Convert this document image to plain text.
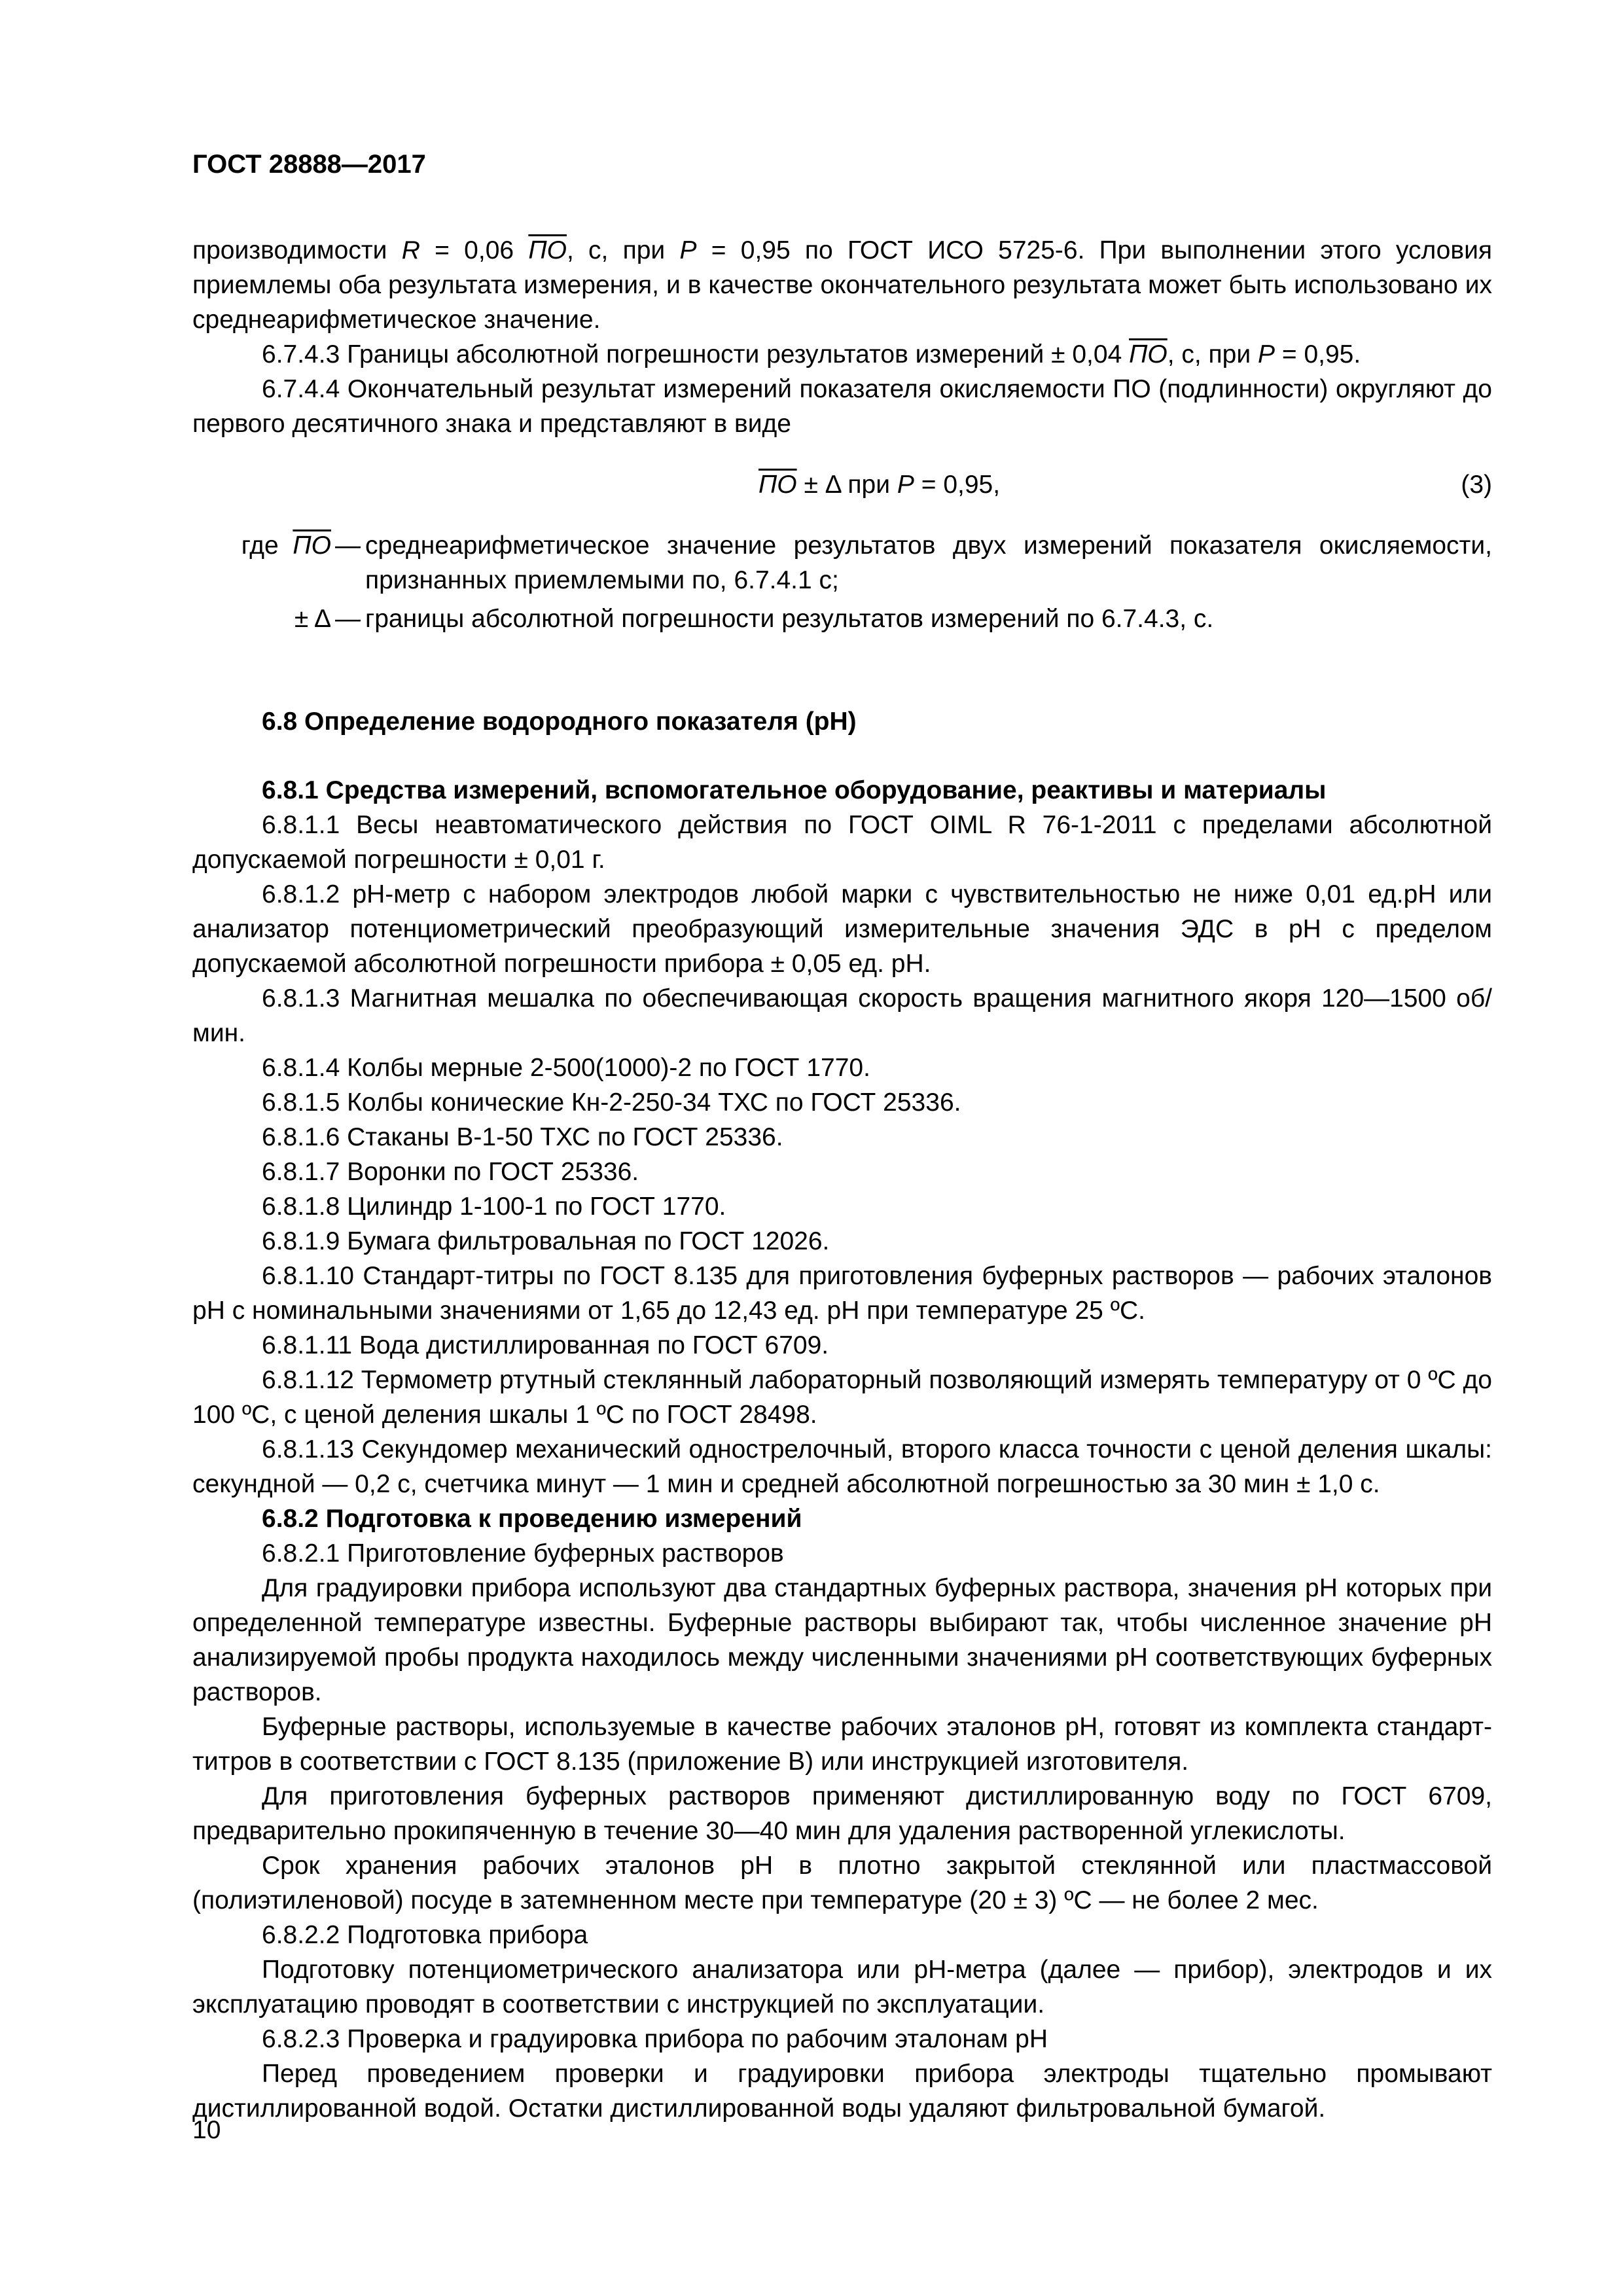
ГОСТ 28888—2017

производимости R = 0,06 ПО, с, при P = 0,95 по ГОСТ ИСО 5725-6. При выполнении этого условия приемлемы оба результата измерения, и в качестве окончательного результата может быть использовано их среднеарифметическое значение.

6.7.4.3 Границы абсолютной погрешности результатов измерений ± 0,04 ПО, с, при P = 0,95.

6.7.4.4 Окончательный результат измерений показателя окисляемости ПО (подлинности) округляют до первого десятичного знака и представляют в виде

ПО ± Δ при P = 0,95,	(3)
где ПО — среднеарифметическое значение результатов двух измерений показателя окисляемости, признанных приемлемыми по, 6.7.4.1 с;
± Δ — границы абсолютной погрешности результатов измерений по 6.7.4.3, с.

6.8 Определение водородного показателя (pH)

6.8.1 Средства измерений, вспомогательное оборудование, реактивы и материалы

6.8.1.1 Весы неавтоматического действия по ГОСТ OIML R 76-1-2011 с пределами абсолютной допускаемой погрешности ± 0,01 г.

6.8.1.2 pH-метр с набором электродов любой марки с чувствительностью не ниже 0,01 ед.pH или анализатор потенциометрический преобразующий измерительные значения ЭДС в pH с пределом допускаемой абсолютной погрешности прибора ± 0,05 ед. pH.

6.8.1.3 Магнитная мешалка по обеспечивающая скорость вращения магнитного якоря 120—1500 об/мин.

6.8.1.4 Колбы мерные 2-500(1000)-2 по ГОСТ 1770.

6.8.1.5 Колбы конические Кн-2-250-34 ТХС по ГОСТ 25336.

6.8.1.6 Стаканы В-1-50 ТХС по ГОСТ 25336.

6.8.1.7 Воронки по ГОСТ 25336.

6.8.1.8 Цилиндр 1-100-1 по ГОСТ 1770.

6.8.1.9 Бумага фильтровальная по ГОСТ 12026.

6.8.1.10 Стандарт-титры по ГОСТ 8.135 для приготовления буферных растворов — рабочих эталонов pH с номинальными значениями от 1,65 до 12,43 ед. pH при температуре 25 ºС.

6.8.1.11 Вода дистиллированная по ГОСТ 6709.

6.8.1.12 Термометр ртутный стеклянный лабораторный позволяющий измерять температуру от 0 ºС до 100 ºС, с ценой деления шкалы 1 ºС по ГОСТ 28498.

6.8.1.13 Секундомер механический однострелочный, второго класса точности с ценой деления шкалы: секундной — 0,2 с, счетчика минут — 1 мин и средней абсолютной погрешностью за 30 мин ± 1,0 с.

6.8.2 Подготовка к проведению измерений

6.8.2.1 Приготовление буферных растворов

Для градуировки прибора используют два стандартных буферных раствора, значения pH которых при определенной температуре известны. Буферные растворы выбирают так, чтобы численное значение pH анализируемой пробы продукта находилось между численными значениями pH соответствующих буферных растворов.

Буферные растворы, используемые в качестве рабочих эталонов pH, готовят из комплекта стандарт-титров в соответствии с ГОСТ 8.135 (приложение В) или инструкцией изготовителя.

Для приготовления буферных растворов применяют дистиллированную воду по ГОСТ 6709, предварительно прокипяченную в течение 30—40 мин для удаления растворенной углекислоты.

Срок хранения рабочих эталонов pH в плотно закрытой стеклянной или пластмассовой (полиэтиленовой) посуде в затемненном месте при температуре (20 ± 3) ºС — не более 2 мес.

6.8.2.2 Подготовка прибора

Подготовку потенциометрического анализатора или pH-метра (далее — прибор), электродов и их эксплуатацию проводят в соответствии с инструкцией по эксплуатации.

6.8.2.3 Проверка и градуировка прибора по рабочим эталонам pH

Перед проведением проверки и градуировки прибора электроды тщательно промывают дистиллированной водой. Остатки дистиллированной воды удаляют фильтровальной бумагой.

10
